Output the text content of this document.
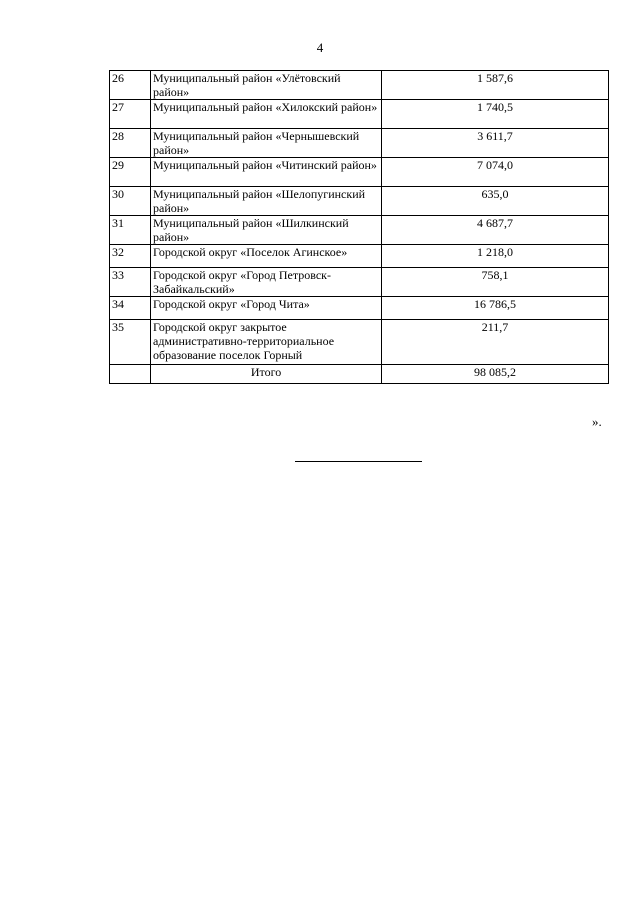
4
26	Муниципальный район «Улётовский район»	1 587,6
27	Муниципальный район «Хилокский район»	1 740,5
28	Муниципальный район «Чернышевский район»	3 611,7
29	Муниципальный район «Читинский район»	7 074,0
30	Муниципальный район «Шелопугинский район»	635,0
31	Муниципальный район «Шилкинский район»	4 687,7
32	Городской округ «Поселок Агинское»	1 218,0
33	Городской округ «Город Петровск-Забайкальский»	758,1
34	Городской округ «Город Чита»	16 786,5
35	Городской округ закрытое административно-территориальное образование поселок Горный	211,7
	Итого	98 085,2
».
